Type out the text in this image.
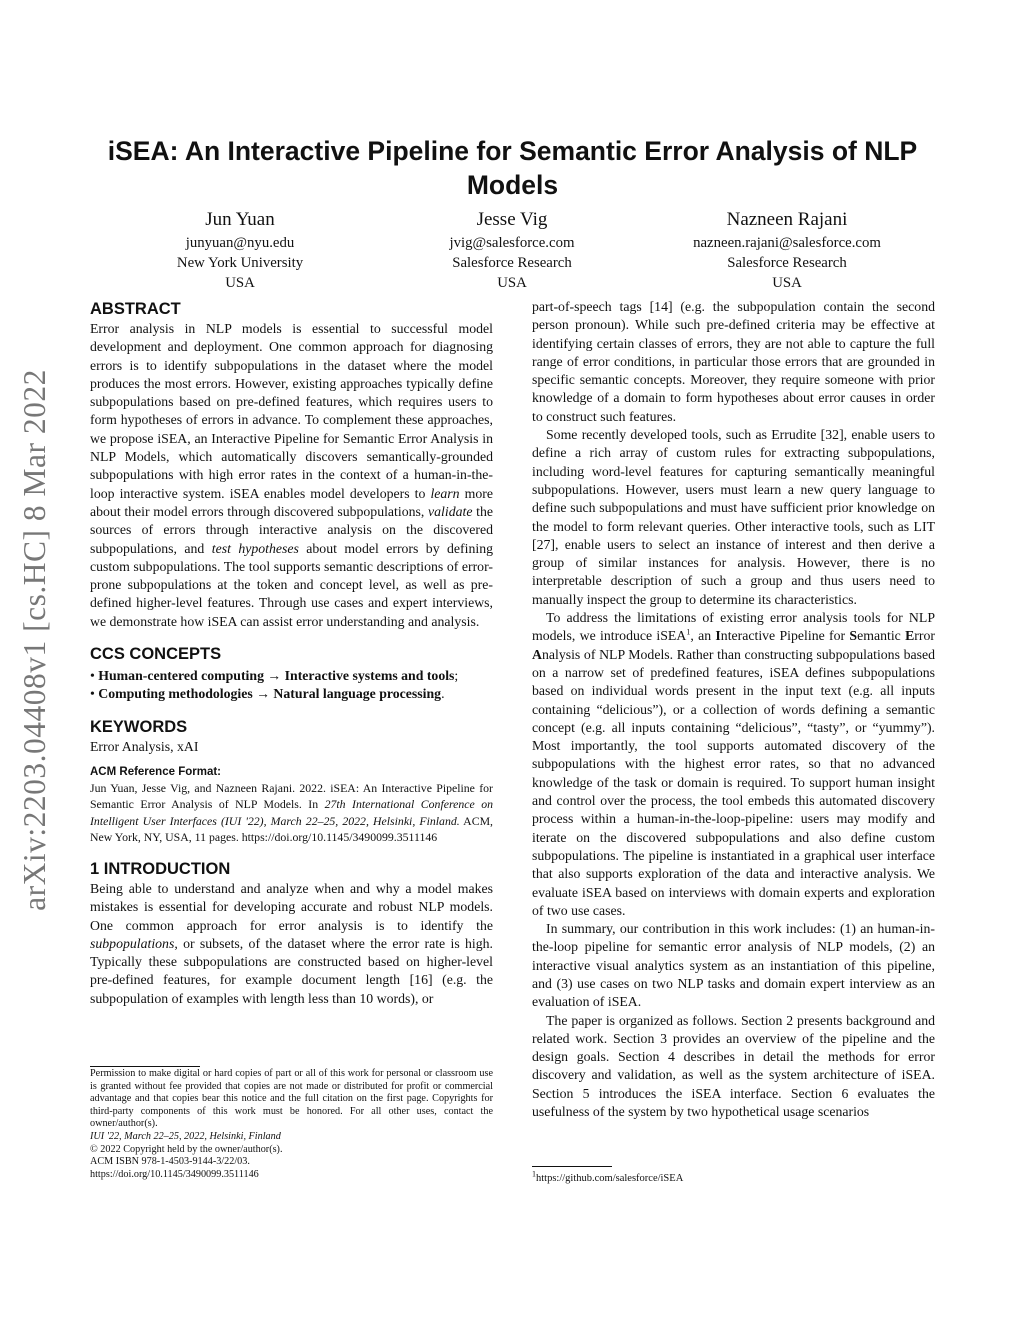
arXiv:2203.04408v1 [cs.HC] 8 Mar 2022
iSEA: An Interactive Pipeline for Semantic Error Analysis of NLP Models
Jun Yuan
junyuan@nyu.edu
New York University
USA
Jesse Vig
jvig@salesforce.com
Salesforce Research
USA
Nazneen Rajani
nazneen.rajani@salesforce.com
Salesforce Research
USA
ABSTRACT

Error analysis in NLP models is essential to successful model development and deployment. One common approach for diagnosing errors is to identify subpopulations in the dataset where the model produces the most errors. However, existing approaches typically define subpopulations based on pre-defined features, which requires users to form hypotheses of errors in advance. To complement these approaches, we propose iSEA, an Interactive Pipeline for Semantic Error Analysis in NLP Models, which automatically discovers semantically-grounded subpopulations with high error rates in the context of a human-in-the-loop interactive system. iSEA enables model developers to learn more about their model errors through discovered subpopulations, validate the sources of errors through interactive analysis on the discovered subpopulations, and test hypotheses about model errors by defining custom subpopulations. The tool supports semantic descriptions of error-prone subpopulations at the token and concept level, as well as pre-defined higher-level features. Through use cases and expert interviews, we demonstrate how iSEA can assist error understanding and analysis.

CCS CONCEPTS
• Human-centered computing → Interactive systems and tools;
• Computing methodologies → Natural language processing.
KEYWORDS

Error Analysis, xAI

ACM Reference Format:

Jun Yuan, Jesse Vig, and Nazneen Rajani. 2022. iSEA: An Interactive Pipeline for Semantic Error Analysis of NLP Models. In 27th International Conference on Intelligent User Interfaces (IUI '22), March 22–25, 2022, Helsinki, Finland. ACM, New York, NY, USA, 11 pages. https://doi.org/10.1145/3490099.3511146

1 INTRODUCTION

Being able to understand and analyze when and why a model makes mistakes is essential for developing accurate and robust NLP models. One common approach for error analysis is to identify the subpopulations, or subsets, of the dataset where the error rate is high. Typically these subpopulations are constructed based on higher-level pre-defined features, for example document length [16] (e.g. the subpopulation of examples with length less than 10 words), or

Permission to make digital or hard copies of part or all of this work for personal or classroom use is granted without fee provided that copies are not made or distributed for profit or commercial advantage and that copies bear this notice and the full citation on the first page. Copyrights for third-party components of this work must be honored. For all other uses, contact the owner/author(s).

IUI '22, March 22–25, 2022, Helsinki, Finland

© 2022 Copyright held by the owner/author(s).

ACM ISBN 978-1-4503-9144-3/22/03.

https://doi.org/10.1145/3490099.3511146

part-of-speech tags [14] (e.g. the subpopulation contain the second person pronoun). While such pre-defined criteria may be effective at identifying certain classes of errors, they are not able to capture the full range of error conditions, in particular those errors that are grounded in specific semantic concepts. Moreover, they require someone with prior knowledge of a domain to form hypotheses about error causes in order to construct such features.

Some recently developed tools, such as Errudite [32], enable users to define a rich array of custom rules for extracting subpopulations, including word-level features for capturing semantically meaningful subpopulations. However, users must learn a new query language to define such subpopulations and must have sufficient prior knowledge on the model to form relevant queries. Other interactive tools, such as LIT [27], enable users to select an instance of interest and then derive a group of similar instances for analysis. However, there is no interpretable description of such a group and thus users need to manually inspect the group to determine its characteristics.

To address the limitations of existing error analysis tools for NLP models, we introduce iSEA$^1$, an Interactive Pipeline for Semantic Error Analysis of NLP Models. Rather than constructing subpopulations based on a narrow set of predefined features, iSEA defines subpopulations based on individual words present in the input text (e.g. all inputs containing “delicious”), or a collection of words defining a semantic concept (e.g. all inputs containing “delicious”, “tasty”, or “yummy”). Most importantly, the tool supports automated discovery of the subpopulations with the highest error rates, so that no advanced knowledge of the task or domain is required. To support human insight and control over the process, the tool embeds this automated discovery process within a human-in-the-loop-pipeline: users may modify and iterate on the discovered subpopulations and also define custom subpopulations. The pipeline is instantiated in a graphical user interface that also supports exploration of the data and interactive analysis. We evaluate iSEA based on interviews with domain experts and exploration of two use cases.

In summary, our contribution in this work includes: (1) an human-in-the-loop pipeline for semantic error analysis of NLP models, (2) an interactive visual analytics system as an instantiation of this pipeline, and (3) use cases on two NLP tasks and domain expert interview as an evaluation of iSEA.

The paper is organized as follows. Section 2 presents background and related work. Section 3 provides an overview of the pipeline and the design goals. Section 4 describes in detail the methods for error discovery and validation, as well as the system architecture of iSEA. Section 5 introduces the iSEA interface. Section 6 evaluates the usefulness of the system by two hypothetical usage scenarios

$^1$https://github.com/salesforce/iSEA
